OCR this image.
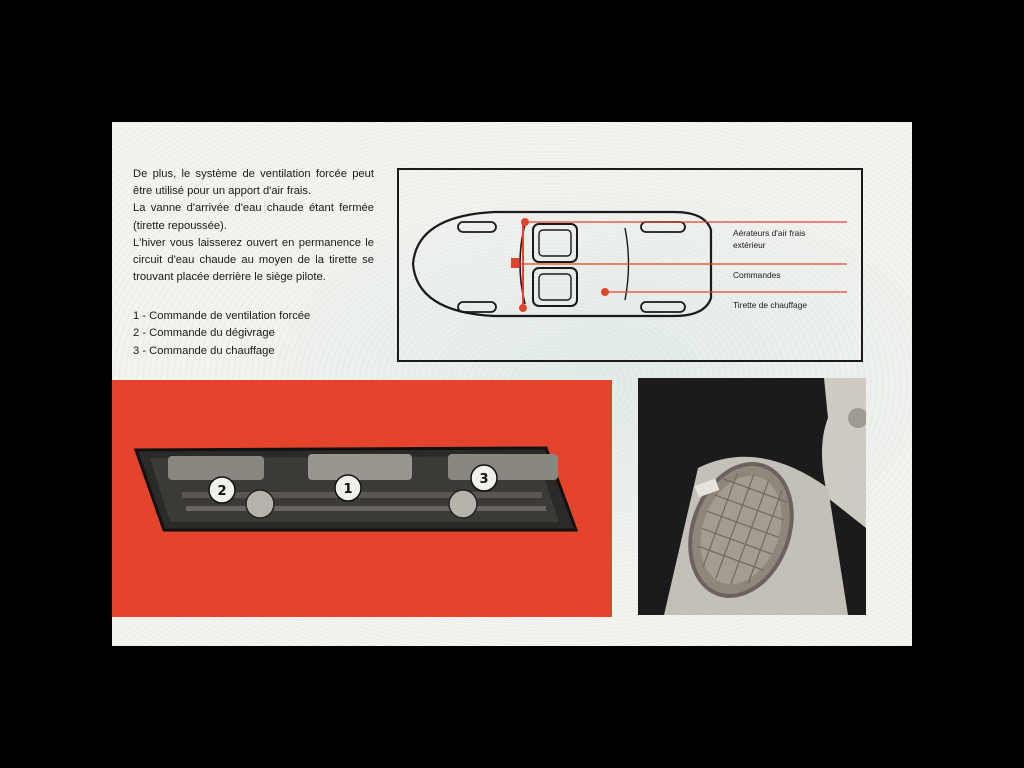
De plus, le système de ventilation forcée peut être utilisé pour un apport d'air frais.

La vanne d'arrivée d'eau chaude étant fermée (tirette repoussée).

L'hiver vous laisserez ouvert en permanence le circuit d'eau chaude au moyen de la tirette se trouvant placée derrière le siège pilote.

1 - Commande de ventilation forcée
2 - Commande du dégivrage
3 - Commande du chauffage
Aérateurs d'air frais
extérieur
Commandes
Tirette de chauffage
2	1
3
